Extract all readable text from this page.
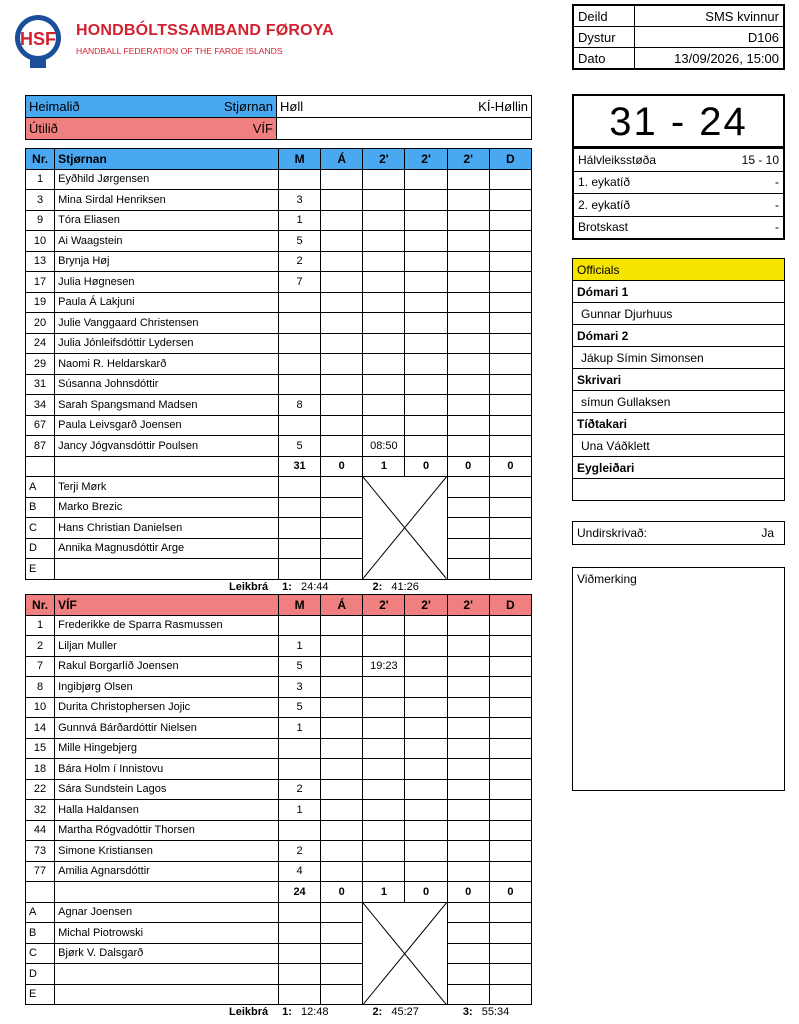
HSF HONDBÓLTSSAMBAND FØROYA
HANDBALL FEDERATION OF THE FAROE ISLANDS
Deild	SMS kvinnur
Dystur	D106
Dato	13/09/2026, 15:00
Heimalið Stjørnan	Høll KÍ-Høllin

Útilið VÍF	

Nr.	Stjørnan	M	Á	2'	2'	2'	D
1	Eyðhild Jørgensen						
3	Mina Sirdal Henriksen	3					
9	Tóra Eliasen	1					
10	Ai Waagstein	5					
13	Brynja Høj	2					
17	Julia Høgnesen	7					
19	Paula Á Lakjuni						
20	Julie Vanggaard Christensen						
24	Julia Jónleifsdóttir Lydersen						
29	Naomi R. Heldarskarð						
31	Súsanna Johnsdóttir						
34	Sarah Spangsmand Madsen	8					
67	Paula Leivsgarð Joensen						
87	Jancy Jógvansdóttir Poulsen	5		08:50			
		31	0	1	0	0	0
A	Terji Mørk			

B	Marko Brezic						
C	Hans Christian Danielsen						
D	Annika Magnusdóttir Arge						
E							
Leikbrá 1: 24:44	2: 41:26
Nr.	VÍF	M	Á	2'	2'	2'	D
1	Frederikke de Sparra Rasmussen						
2	Liljan Muller	1					
7	Rakul Borgarlíð Joensen	5		19:23			
8	Ingibjørg Olsen	3					
10	Durita Christophersen Jojic	5					
14	Gunnvá Bárðardóttir Nielsen	1					
15	Mille Hingebjerg						
18	Bára Holm í Innistovu						
22	Sára Sundstein Lagos	2					
32	Halla Haldansen	1					
44	Martha Rógvadóttir Thorsen						
73	Simone Kristiansen	2					
77	Amilia Agnarsdóttir	4					
		24	0	1	0	0	0
A	Agnar Joensen			

B	Michal Piotrowski						
C	Bjørk V. Dalsgarð						
D							
E							
Leikbrá 1: 12:48	2: 45:27	3: 55:34
31 - 24
Hálvleiksstøða	15 - 10
1. eykatíð	-
2. eykatíð	-
Brotskast	-
Officials
Dómari 1
Gunnar Djurhuus
Dómari 2
Jákup Símin Simonsen
Skrivari
símun Gullaksen
Tíðtakari
Una Váðklett
Eygleiðari

Undirskrivað:	Ja
Viðmerking
